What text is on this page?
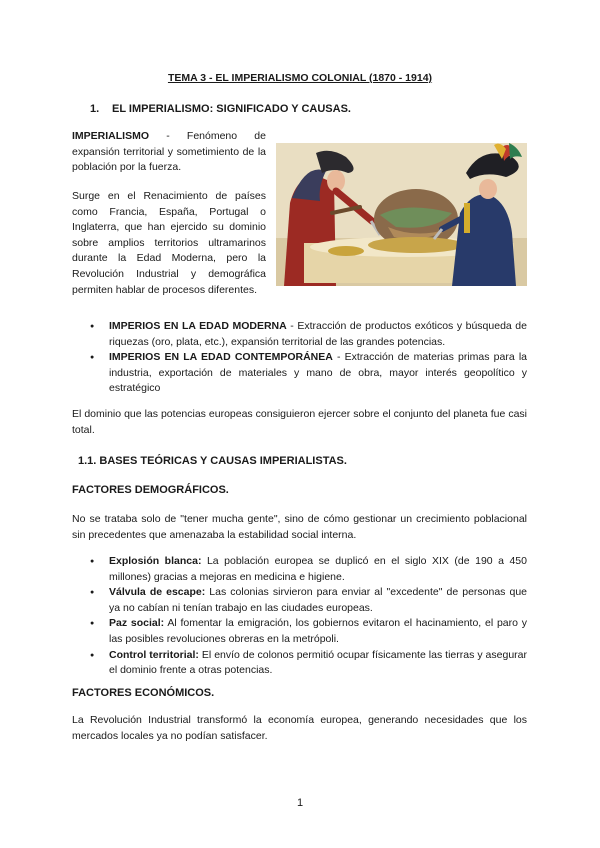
TEMA 3 - EL IMPERIALISMO COLONIAL (1870 - 1914)
1. EL IMPERIALISMO: SIGNIFICADO Y CAUSAS.
IMPERIALISMO - Fenómeno de expansión territorial y sometimiento de la población por la fuerza.
Surge en el Renacimiento de países como Francia, España, Portugal o Inglaterra, que han ejercido su dominio sobre amplios territorios ultramarinos durante la Edad Moderna, pero la Revolución Industrial y demográfica permiten hablar de procesos diferentes.
● IMPERIOS EN LA EDAD MODERNA - Extracción de productos exóticos y búsqueda de riquezas (oro, plata, etc.), expansión territorial de las grandes potencias.
● IMPERIOS EN LA EDAD CONTEMPORÁNEA - Extracción de materias primas para la industria, exportación de materiales y mano de obra, mayor interés geopolítico y estratégico
El dominio que las potencias europeas consiguieron ejercer sobre el conjunto del planeta fue casi total.
1.1. BASES TEÓRICAS Y CAUSAS IMPERIALISTAS.
FACTORES DEMOGRÁFICOS.
No se trataba solo de "tener mucha gente", sino de cómo gestionar un crecimiento poblacional sin precedentes que amenazaba la estabilidad social interna.
● Explosión blanca: La población europea se duplicó en el siglo XIX (de 190 a 450 millones) gracias a mejoras en medicina e higiene.
● Válvula de escape: Las colonias sirvieron para enviar al "excedente" de personas que ya no cabían ni tenían trabajo en las ciudades europeas.
● Paz social: Al fomentar la emigración, los gobiernos evitaron el hacinamiento, el paro y las posibles revoluciones obreras en la metrópoli.
● Control territorial: El envío de colonos permitió ocupar físicamente las tierras y asegurar el dominio frente a otras potencias.
FACTORES ECONÓMICOS.
La Revolución Industrial transformó la economía europea, generando necesidades que los mercados locales ya no podían satisfacer.
1
